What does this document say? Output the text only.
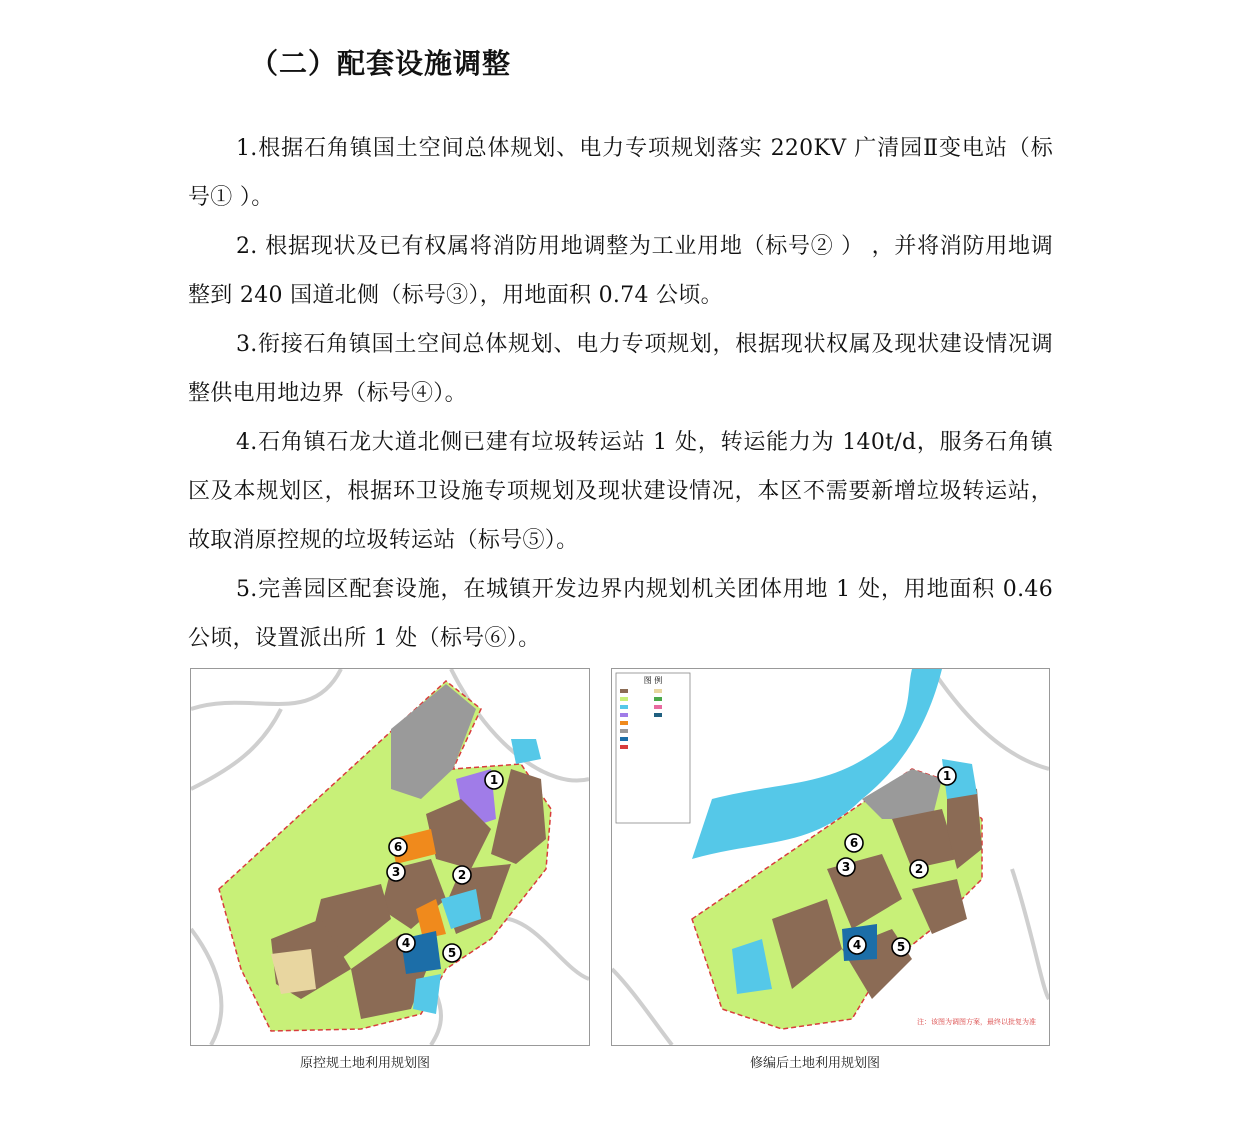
（二）配套设施调整

1.根据石角镇国土空间总体规划、电力专项规划落实 220KV 广清园Ⅱ变电站（标号① ）。

2. 根据现状及已有权属将消防用地调整为工业用地（标号② ） ，并将消防用地调整到 240 国道北侧（标号③），用地面积 0.74 公顷。

3.衔接石角镇国土空间总体规划、电力专项规划，根据现状权属及现状建设情况调整供电用地边界（标号④）。

4.石角镇石龙大道北侧已建有垃圾转运站 1 处，转运能力为 140t/d，服务石角镇区及本规划区，根据环卫设施专项规划及现状建设情况，本区不需要新增垃圾转运站，故取消原控规的垃圾转运站（标号⑤）。

5.完善园区配套设施，在城镇开发边界内规划机关团体用地 1 处，用地面积 0.46 公顷，设置派出所 1 处（标号⑥）。

1
2
3
4
5
6
图 例
注：该图为调图方案，最终以批复为准
1
2
3
4	5
6
原控规土地利用规划图	修编后土地利用规划图
